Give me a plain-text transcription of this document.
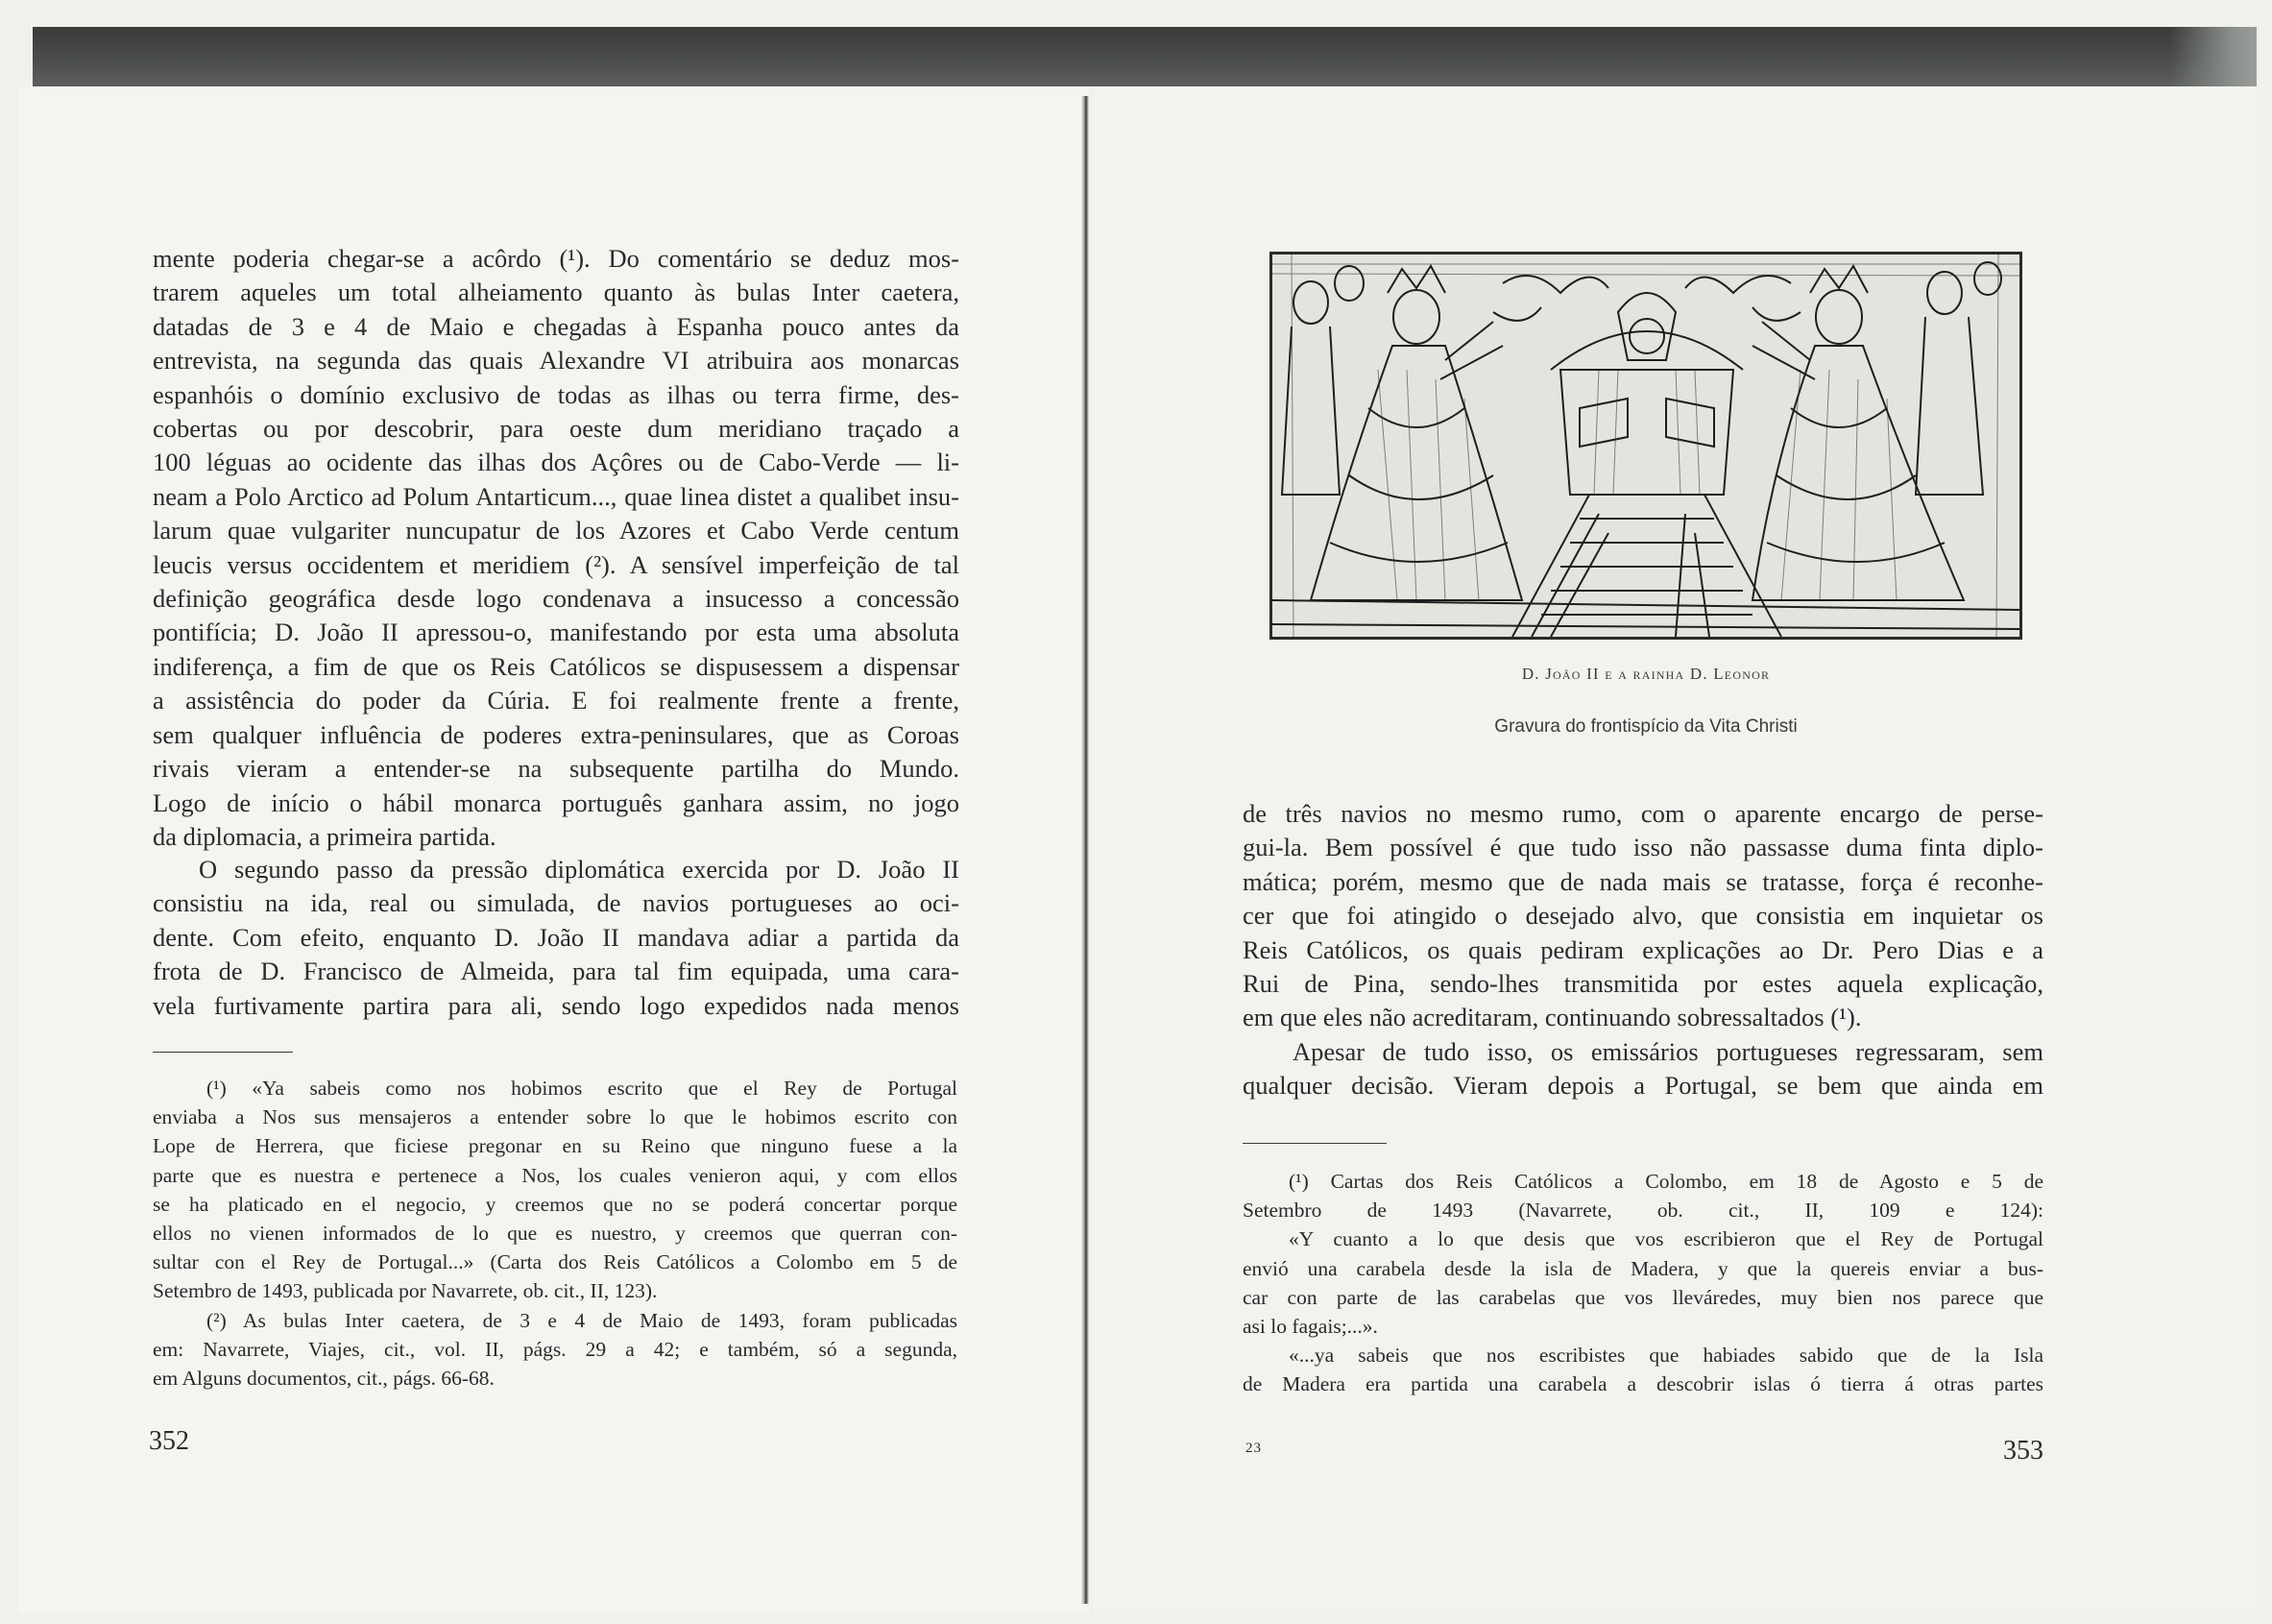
mente poderia chegar-se a acôrdo (¹). Do comentário se deduz mos-
trarem aqueles um total alheiamento quanto às bulas Inter caetera,
datadas de 3 e 4 de Maio e chegadas à Espanha pouco antes da
entrevista, na segunda das quais Alexandre VI atribuira aos monarcas
espanhóis o domínio exclusivo de todas as ilhas ou terra firme, des-
cobertas ou por descobrir, para oeste dum meridiano traçado a
100 léguas ao ocidente das ilhas dos Açôres ou de Cabo-Verde — li-
neam a Polo Arctico ad Polum Antarticum..., quae linea distet a qualibet insu-
larum quae vulgariter nuncupatur de los Azores et Cabo Verde centum
leucis versus occidentem et meridiem (²). A sensível imperfeição de tal
definição geográfica desde logo condenava a insucesso a concessão
pontifícia; D. João II apressou-o, manifestando por esta uma absoluta
indiferença, a fim de que os Reis Católicos se dispusessem a dispensar
a assistência do poder da Cúria. E foi realmente frente a frente,
sem qualquer influência de poderes extra-peninsulares, que as Coroas
rivais vieram a entender-se na subsequente partilha do Mundo.
Logo de início o hábil monarca português ganhara assim, no jogo
da diplomacia, a primeira partida.
O segundo passo da pressão diplomática exercida por D. João II
consistiu na ida, real ou simulada, de navios portugueses ao oci-
dente. Com efeito, enquanto D. João II mandava adiar a partida da
frota de D. Francisco de Almeida, para tal fim equipada, uma cara-
vela furtivamente partira para ali, sendo logo expedidos nada menos
(¹) «Ya sabeis como nos hobimos escrito que el Rey de Portugal
enviaba a Nos sus mensajeros a entender sobre lo que le hobimos escrito con
Lope de Herrera, que ficiese pregonar en su Reino que ninguno fuese a la
parte que es nuestra e pertenece a Nos, los cuales venieron aqui, y com ellos
se ha platicado en el negocio, y creemos que no se poderá concertar porque
ellos no vienen informados de lo que es nuestro, y creemos que querran con-
sultar con el Rey de Portugal...» (Carta dos Reis Católicos a Colombo em 5 de
Setembro de 1493, publicada por Navarrete, ob. cit., II, 123).
(²) As bulas Inter caetera, de 3 e 4 de Maio de 1493, foram publicadas
em: Navarrete, Viajes, cit., vol. II, págs. 29 a 42; e também, só a segunda,
em Alguns documentos, cit., págs. 66-68.
352
D. João II e a rainha D. Leonor
Gravura do frontispício da Vita Christi
de três navios no mesmo rumo, com o aparente encargo de perse-
gui-la. Bem possível é que tudo isso não passasse duma finta diplo-
mática; porém, mesmo que de nada mais se tratasse, força é reconhe-
cer que foi atingido o desejado alvo, que consistia em inquietar os
Reis Católicos, os quais pediram explicações ao Dr. Pero Dias e a
Rui de Pina, sendo-lhes transmitida por estes aquela explicação,
em que eles não acreditaram, continuando sobressaltados (¹).
Apesar de tudo isso, os emissários portugueses regressaram, sem
qualquer decisão. Vieram depois a Portugal, se bem que ainda em
(¹) Cartas dos Reis Católicos a Colombo, em 18 de Agosto e 5 de
Setembro de 1493 (Navarrete, ob. cit., II, 109 e 124):
«Y cuanto a lo que desis que vos escribieron que el Rey de Portugal
envió una carabela desde la isla de Madera, y que la quereis enviar a bus-
car con parte de las carabelas que vos lleváredes, muy bien nos parece que
asi lo fagais;...».
«...ya sabeis que nos escribistes que habiades sabido que de la Isla
de Madera era partida una carabela a descobrir islas ó tierra á otras partes
23	353
